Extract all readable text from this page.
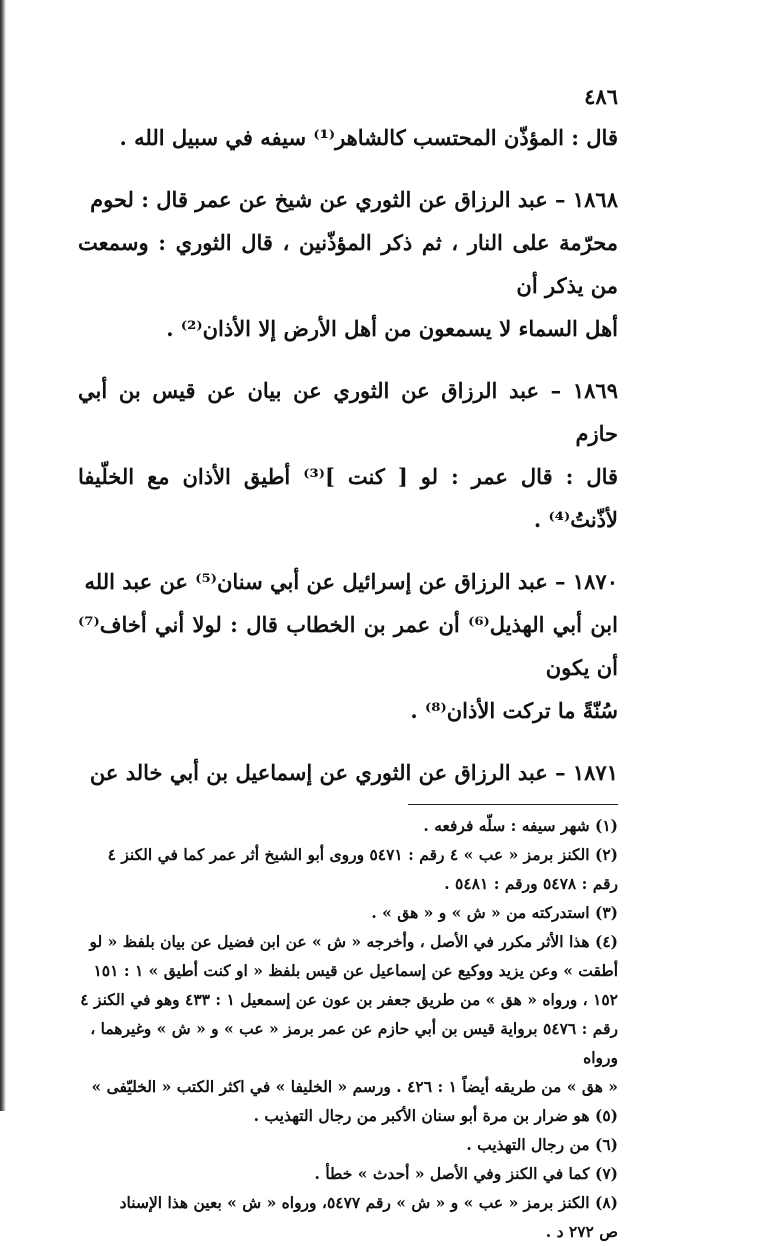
٤٨٦
قال : المؤذّن المحتسب كالشاهر⁽¹⁾ سيفه في سبيل الله .
١٨٦٨ – عبد الرزاق عن الثوري عن شيخ عن عمر قال : لحوم
محرّمة على النار ، ثم ذكر المؤذّنين ، قال الثوري : وسمعت من يذكر أن
أهل السماء لا يسمعون من أهل الأرض إلا الأذان⁽²⁾ .
١٨٦٩ – عبد الرزاق عن الثوري عن بيان عن قيس بن أبي حازم
قال : قال عمر : لو [ كنت ]⁽³⁾ أطيق الأذان مع الخلّيفا لأذّنتُ⁽⁴⁾ .
١٨٧٠ – عبد الرزاق عن إسرائيل عن أبي سنان⁽⁵⁾ عن عبد الله
ابن أبي الهذيل⁽⁶⁾ أن عمر بن الخطاب قال : لولا أني أخاف⁽⁷⁾ أن يكون
سُنّةً ما تركت الأذان⁽⁸⁾ .
١٨٧١ – عبد الرزاق عن الثوري عن إسماعيل بن أبي خالد عن
(١) شهر سيفه : سلّه فرفعه .
(٢) الكنز برمز « عب » ٤ رقم : ٥٤٧١ وروى أبو الشيخ أثر عمر كما في الكنز ٤
رقم : ٥٤٧٨ ورقم : ٥٤٨١ .
(٣) استدركته من « ش » و « هق » .
(٤) هذا الأثر مكرر في الأصل ، وأخرجه « ش » عن ابن فضيل عن بيان بلفظ « لو
أطقت » وعن يزيد ووكيع عن إسماعيل عن قيس بلفظ « او كنت أطيق » ١ : ١٥١
١٥٢ ، ورواه « هق » من طريق جعفر بن عون عن إسمعيل ١ : ٤٣٣ وهو في الكنز ٤
رقم : ٥٤٧٦ برواية قيس بن أبي حازم عن عمر برمز « عب » و « ش » وغيرهما ، ورواه
« هق » من طريقه أيضاً ١ : ٤٢٦ . ورسم « الخليفا » في اكثر الكتب « الخليّفى »
(٥) هو ضرار بن مرة أبو سنان الأكبر من رجال التهذيب .
(٦) من رجال التهذيب .
(٧) كما في الكنز وفي الأصل « أحدث » خطأ .
(٨) الكنز برمز « عب » و « ش » رقم ٥٤٧٧، ورواه « ش » بعين هذا الإسناد
ص ٢٧٢ د .
